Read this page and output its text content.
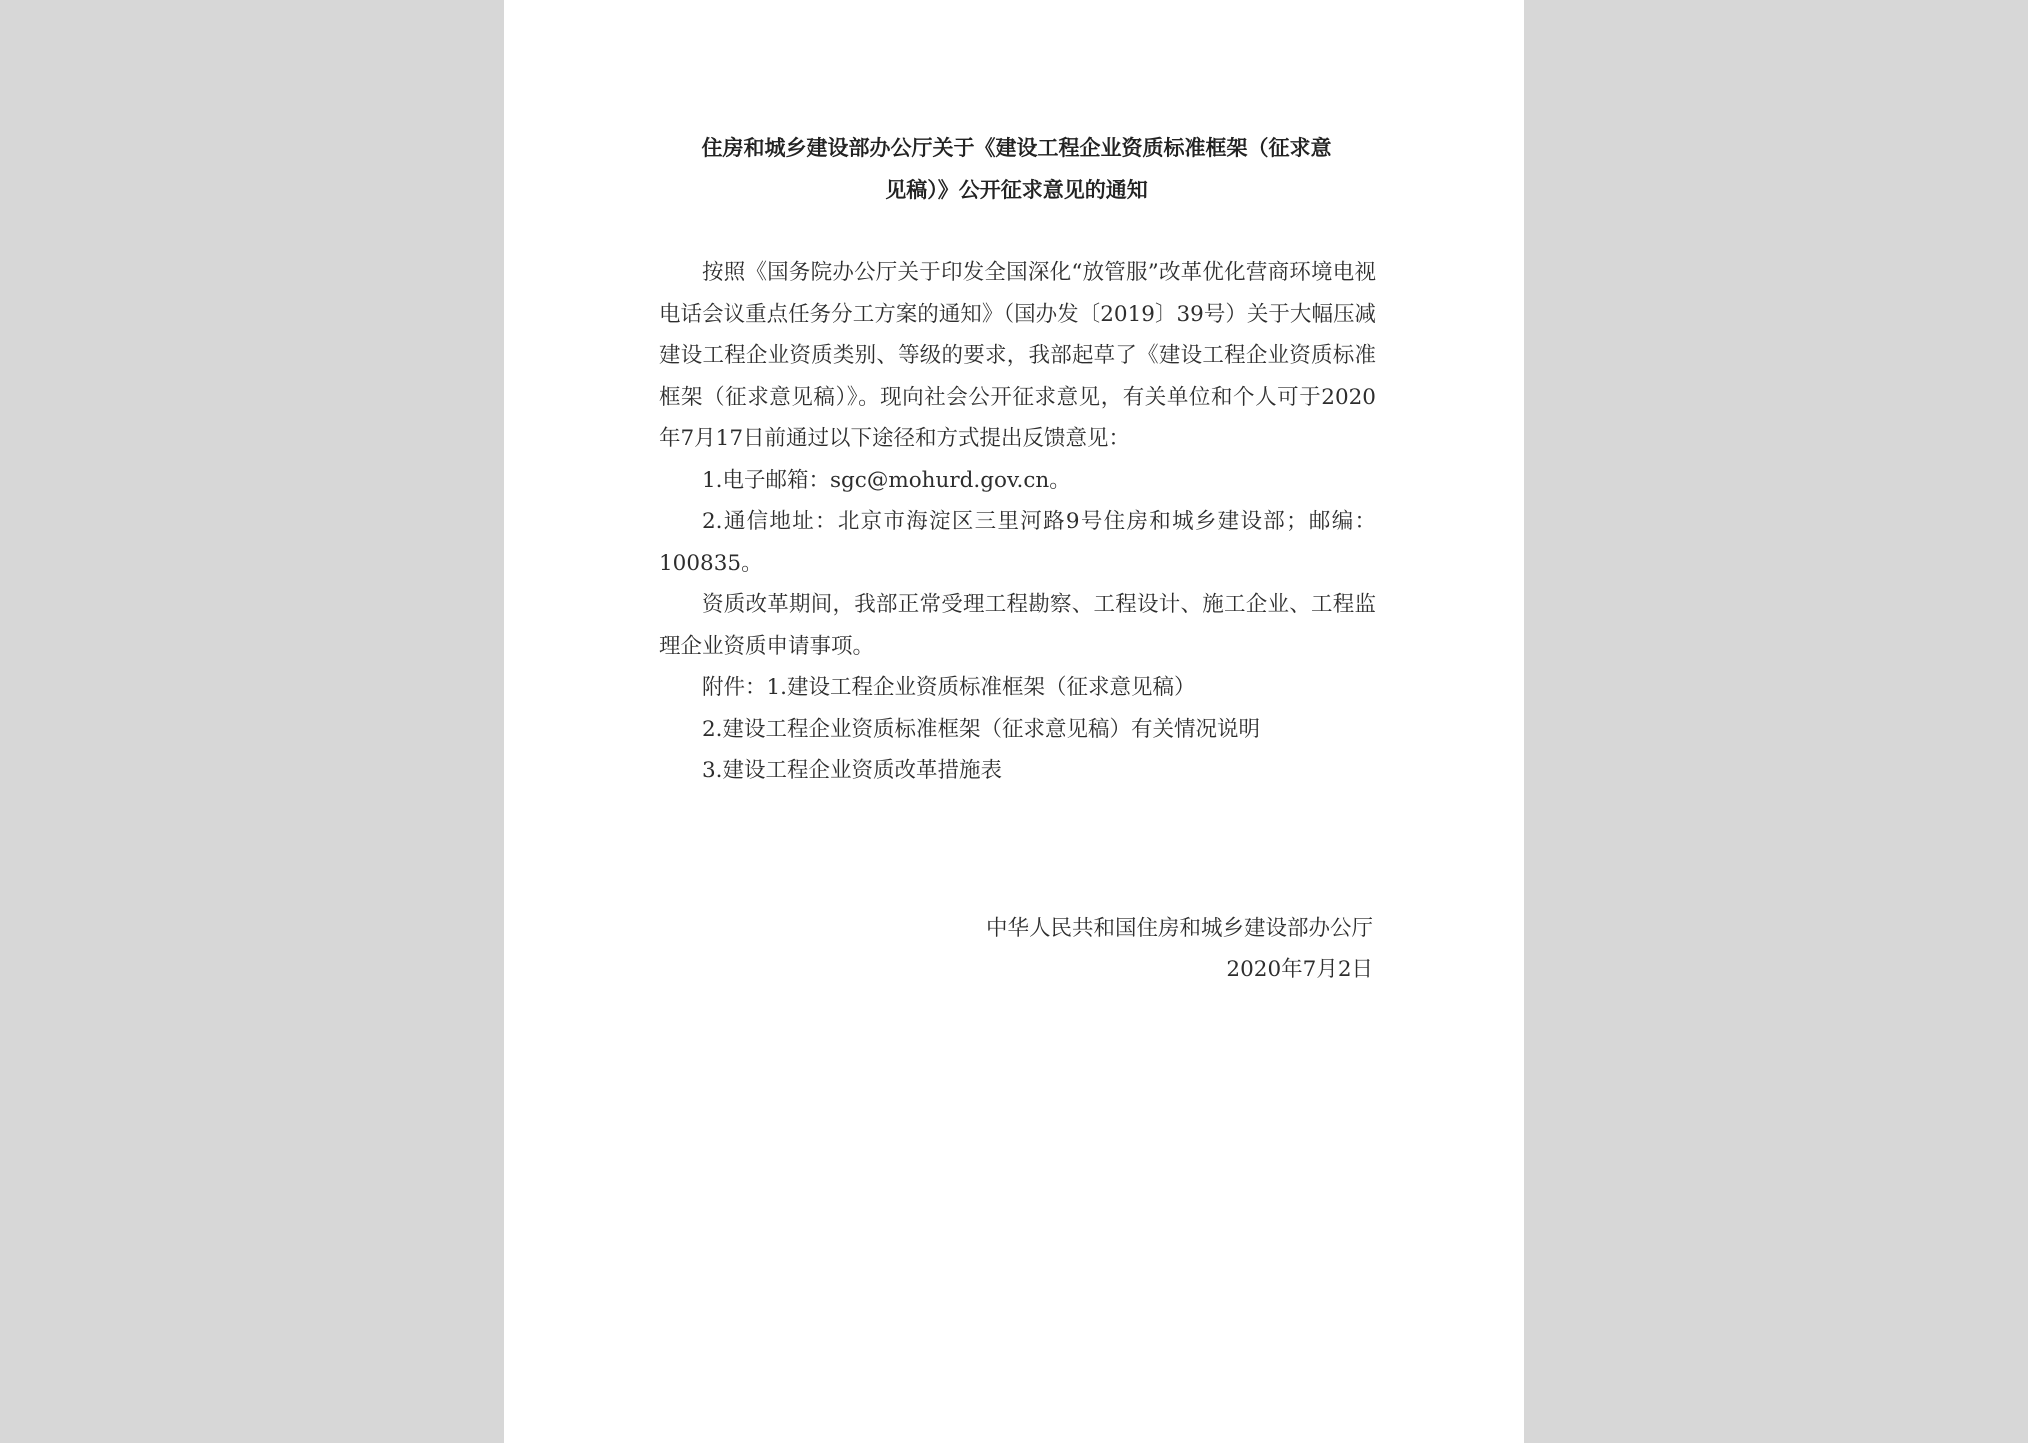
住房和城乡建设部办公厅关于《建设工程企业资质标准框架（征求意
见稿）》公开征求意见的通知

按照《国务院办公厅关于印发全国深化“放管服”改革优化营商环境电视电话会议重点任务分工方案的通知》（国办发〔2019〕39号）关于大幅压减建设工程企业资质类别、等级的要求，我部起草了《建设工程企业资质标准框架（征求意见稿）》。现向社会公开征求意见，有关单位和个人可于2020年7月17日前通过以下途径和方式提出反馈意见：

1.电子邮箱：sgc@mohurd.gov.cn。

2.通信地址：北京市海淀区三里河路9号住房和城乡建设部；邮编：100835。

资质改革期间，我部正常受理工程勘察、工程设计、施工企业、工程监理企业资质申请事项。

附件：1.建设工程企业资质标准框架（征求意见稿）

2.建设工程企业资质标准框架（征求意见稿）有关情况说明

3.建设工程企业资质改革措施表

中华人民共和国住房和城乡建设部办公厅
2020年7月2日
